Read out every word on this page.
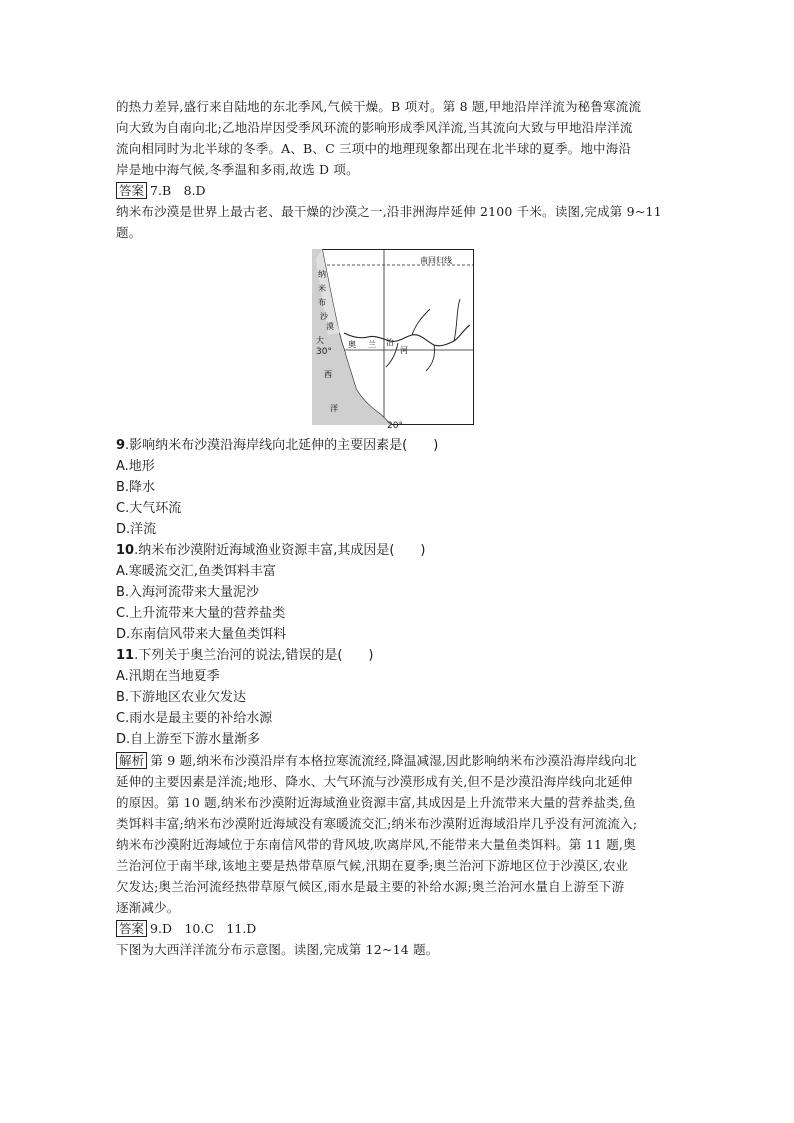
的热力差异,盛行来自陆地的东北季风,气候干燥。B 项对。第 8 题,甲地沿岸洋流为秘鲁寒流流

向大致为自南向北;乙地沿岸因受季风环流的影响形成季风洋流,当其流向大致与甲地沿岸洋流

流向相同时为北半球的冬季。A、B、C 三项中的地理现象都出现在北半球的夏季。地中海沿

岸是地中海气候,冬季温和多雨,故选 D 项。

答案 7.B　8.D

纳米布沙漠是世界上最古老、最干燥的沙漠之一,沿非洲海岸延伸 2100 千米。读图,完成第 9~11

题。

南回归线
纳
米
布
沙
漠
奥 兰 治
河
大
西
洋
30°
20°

9.影响纳米布沙漠沿海岸线向北延伸的主要因素是(　　)

A.地形

B.降水

C.大气环流

D.洋流

10.纳米布沙漠附近海域渔业资源丰富,其成因是(　　)

A.寒暖流交汇,鱼类饵料丰富

B.入海河流带来大量泥沙

C.上升流带来大量的营养盐类

D.东南信风带来大量鱼类饵料

11.下列关于奥兰治河的说法,错误的是(　　)

A.汛期在当地夏季

B.下游地区农业欠发达

C.雨水是最主要的补给水源

D.自上游至下游水量渐多

解析 第 9 题,纳米布沙漠沿岸有本格拉寒流流经,降温减湿,因此影响纳米布沙漠沿海岸线向北

延伸的主要因素是洋流;地形、降水、大气环流与沙漠形成有关,但不是沙漠沿海岸线向北延伸

的原因。第 10 题,纳米布沙漠附近海域渔业资源丰富,其成因是上升流带来大量的营养盐类,鱼

类饵料丰富;纳米布沙漠附近海域没有寒暖流交汇;纳米布沙漠附近海域沿岸几乎没有河流流入;

纳米布沙漠附近海域位于东南信风带的背风坡,吹离岸风,不能带来大量鱼类饵料。第 11 题,奥

兰治河位于南半球,该地主要是热带草原气候,汛期在夏季;奥兰治河下游地区位于沙漠区,农业

欠发达;奥兰治河流经热带草原气候区,雨水是最主要的补给水源;奥兰治河水量自上游至下游

逐渐减少。

答案 9.D　10.C　11.D

下图为大西洋洋流分布示意图。读图,完成第 12~14 题。
